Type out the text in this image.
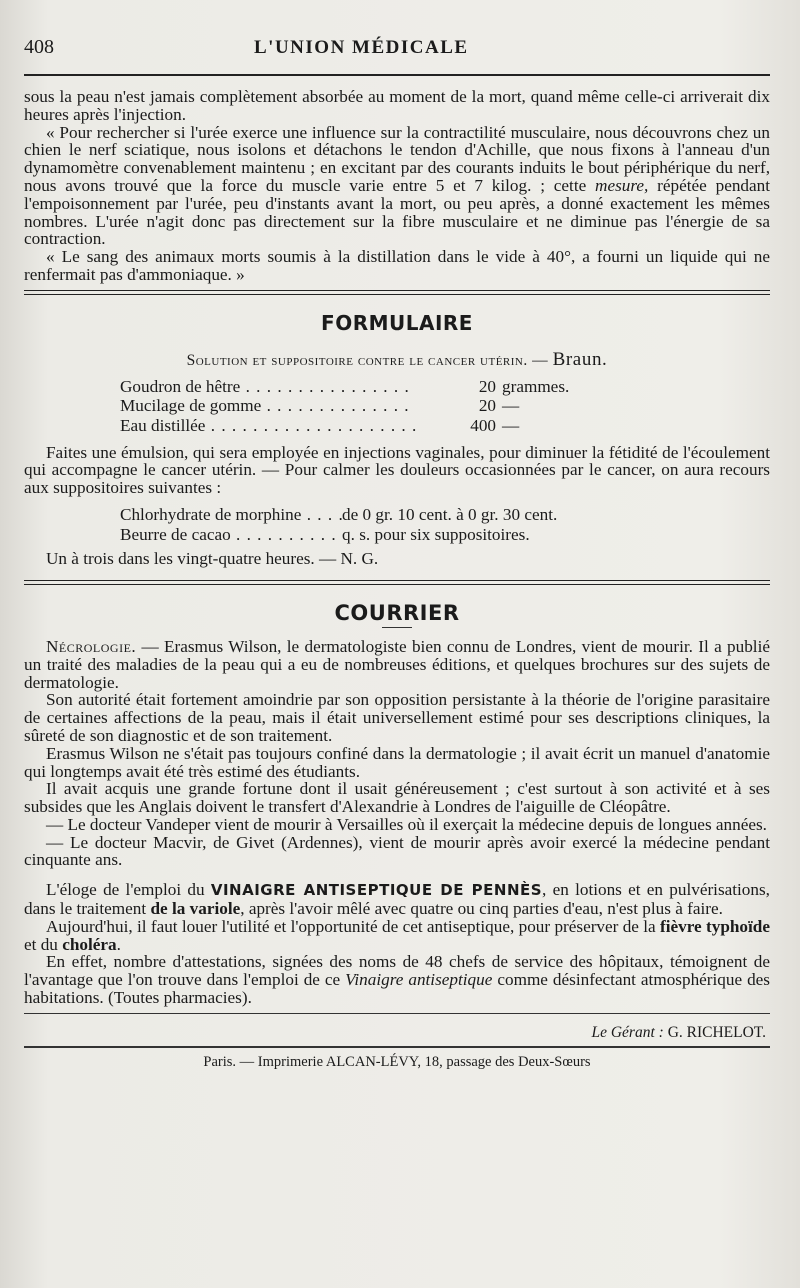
408	L'UNION MÉDICALE

sous la peau n'est jamais complètement absorbée au moment de la mort, quand même celle-ci arriverait dix heures après l'injection.

« Pour rechercher si l'urée exerce une influence sur la contractilité musculaire, nous découvrons chez un chien le nerf sciatique, nous isolons et détachons le tendon d'Achille, que nous fixons à l'anneau d'un dynamomètre convenablement maintenu ; en excitant par des courants induits le bout périphérique du nerf, nous avons trouvé que la force du muscle varie entre 5 et 7 kilog. ; cette mesure, répétée pendant l'empoisonnement par l'urée, peu d'instants avant la mort, ou peu après, a donné exactement les mêmes nombres. L'urée n'agit donc pas directement sur la fibre musculaire et ne diminue pas l'énergie de sa contraction.

« Le sang des animaux morts soumis à la distillation dans le vide à 40°, a fourni un liquide qui ne renfermait pas d'ammoniaque. »

FORMULAIRE
Solution et suppositoire contre le cancer utérin. — Braun.
Goudron de hêtre . . .	20 grammes.
Mucilage de gomme . . .	20 —
Eau distillée . . .	400 —

Faites une émulsion, qui sera employée en injections vaginales, pour diminuer la fétidité de l'écoulement qui accompagne le cancer utérin. — Pour calmer les douleurs occasionnées par le cancer, on aura recours aux suppositoires suivantes :

Chlorhydrate de morphine . . .	de 0 gr. 10 cent. à 0 gr. 30 cent.
Beurre de cacao . . .	q. s. pour six suppositoires.

Un à trois dans les vingt-quatre heures. — N. G.

COURRIER

Nécrologie. — Erasmus Wilson, le dermatologiste bien connu de Londres, vient de mourir. Il a publié un traité des maladies de la peau qui a eu de nombreuses éditions, et quelques brochures sur des sujets de dermatologie.

Son autorité était fortement amoindrie par son opposition persistante à la théorie de l'origine parasitaire de certaines affections de la peau, mais il était universellement estimé pour ses descriptions cliniques, la sûreté de son diagnostic et de son traitement.

Erasmus Wilson ne s'était pas toujours confiné dans la dermatologie ; il avait écrit un manuel d'anatomie qui longtemps avait été très estimé des étudiants.

Il avait acquis une grande fortune dont il usait généreusement ; c'est surtout à son activité et à ses subsides que les Anglais doivent le transfert d'Alexandrie à Londres de l'aiguille de Cléopâtre.

— Le docteur Vandeper vient de mourir à Versailles où il exerçait la médecine depuis de longues années.

— Le docteur Macvir, de Givet (Ardennes), vient de mourir après avoir exercé la médecine pendant cinquante ans.

L'éloge de l'emploi du VINAIGRE ANTISEPTIQUE DE PENNÈS, en lotions et en pulvérisations, dans le traitement de la variole, après l'avoir mêlé avec quatre ou cinq parties d'eau, n'est plus à faire.

Aujourd'hui, il faut louer l'utilité et l'opportunité de cet antiseptique, pour préserver de la fièvre typhoïde et du choléra.

En effet, nombre d'attestations, signées des noms de 48 chefs de service des hôpitaux, témoignent de l'avantage que l'on trouve dans l'emploi de ce Vinaigre antiseptique comme désinfectant atmosphérique des habitations. (Toutes pharmacies).

Le Gérant : G. RICHELOT.
Paris. — Imprimerie ALCAN-LÉVY, 18, passage des Deux-Sœurs
